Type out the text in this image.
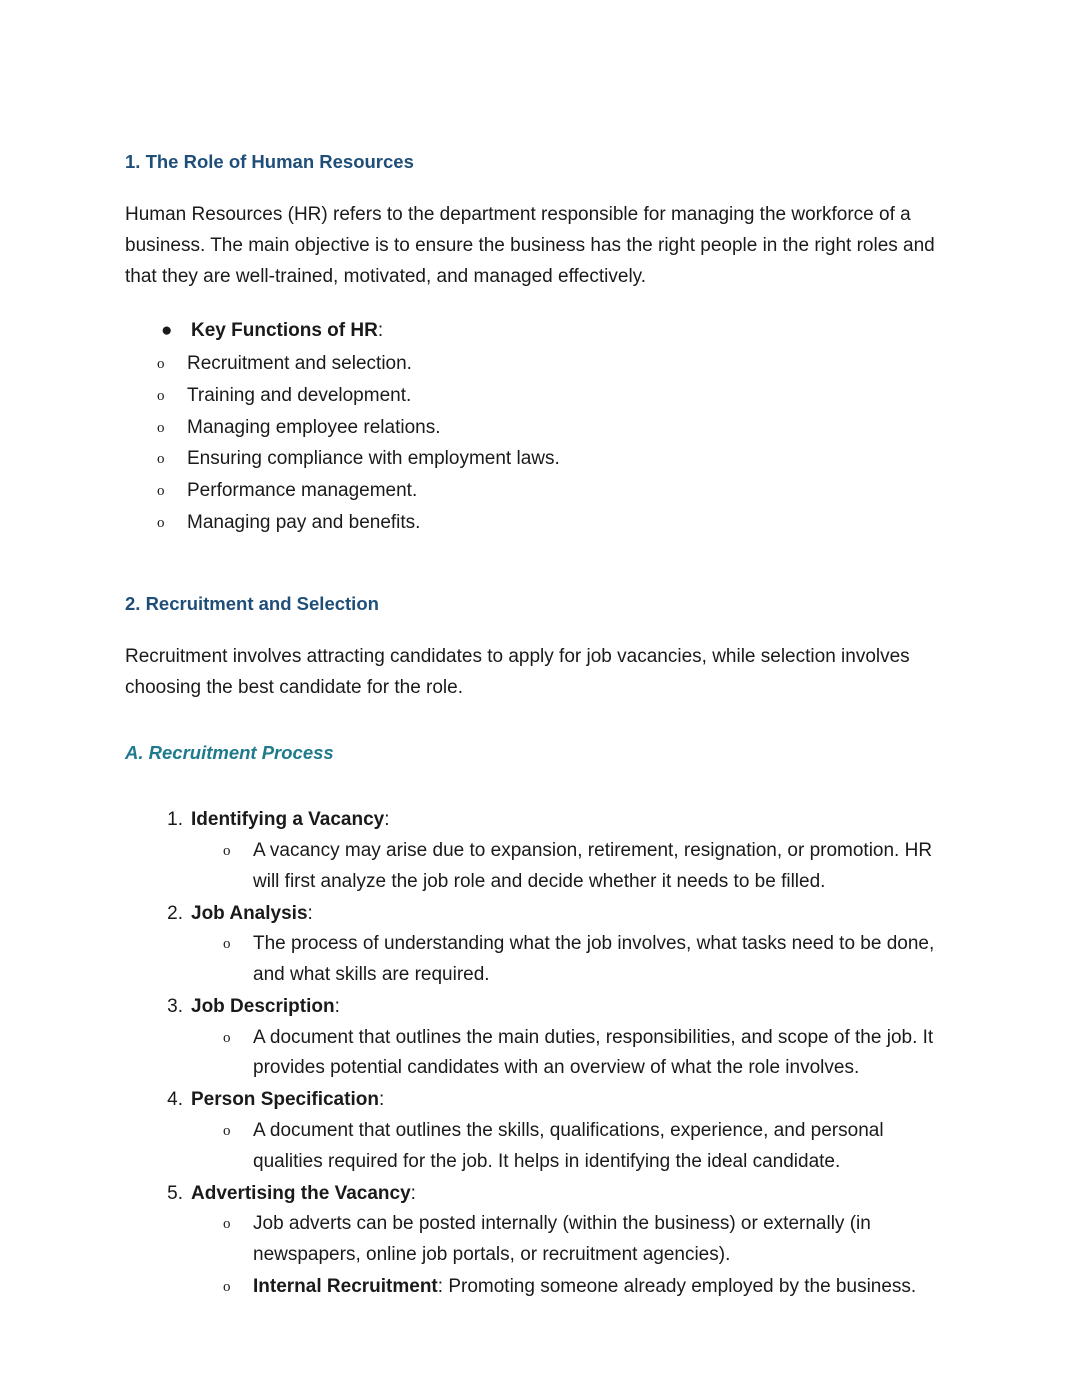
1. The Role of Human Resources

Human Resources (HR) refers to the department responsible for managing the workforce of a business. The main objective is to ensure the business has the right people in the right roles and that they are well-trained, motivated, and managed effectively.

● Key Functions of HR:
o Recruitment and selection.
o Training and development.
o Managing employee relations.
o Ensuring compliance with employment laws.
o Performance management.
o Managing pay and benefits.
2. Recruitment and Selection

Recruitment involves attracting candidates to apply for job vacancies, while selection involves choosing the best candidate for the role.

A. Recruitment Process
1. Identifying a Vacancy:
o A vacancy may arise due to expansion, retirement, resignation, or promotion. HR will first analyze the job role and decide whether it needs to be filled.
2. Job Analysis:
o The process of understanding what the job involves, what tasks need to be done, and what skills are required.
3. Job Description:
o A document that outlines the main duties, responsibilities, and scope of the job. It provides potential candidates with an overview of what the role involves.
4. Person Specification:
o A document that outlines the skills, qualifications, experience, and personal qualities required for the job. It helps in identifying the ideal candidate.
5. Advertising the Vacancy:
o Job adverts can be posted internally (within the business) or externally (in newspapers, online job portals, or recruitment agencies).
o Internal Recruitment: Promoting someone already employed by the business.
